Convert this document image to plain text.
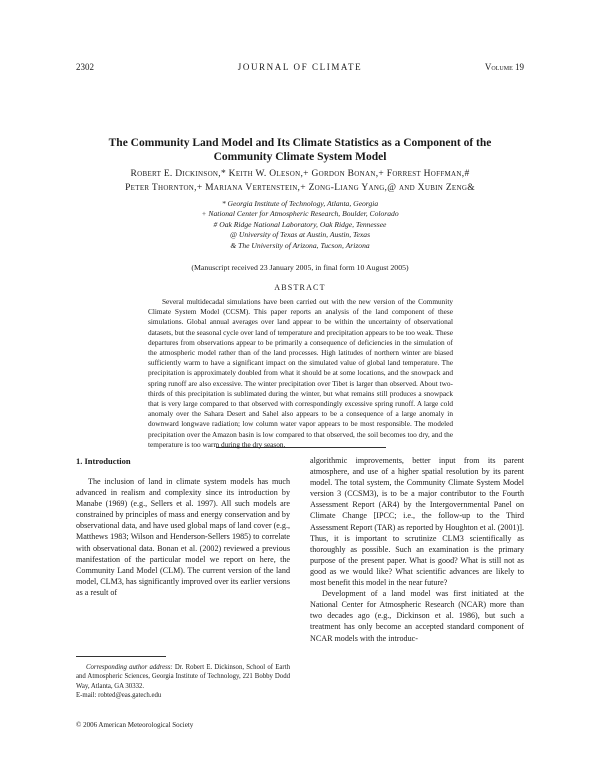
2302	JOURNAL OF CLIMATE	Volume 19
The Community Land Model and Its Climate Statistics as a Component of the Community Climate System Model
Robert E. Dickinson,* Keith W. Oleson,+ Gordon Bonan,+ Forrest Hoffman,#
Peter Thornton,+ Mariana Vertenstein,+ Zong-Liang Yang,@ and Xubin Zeng&
* Georgia Institute of Technology, Atlanta, Georgia
+ National Center for Atmospheric Research, Boulder, Colorado
# Oak Ridge National Laboratory, Oak Ridge, Tennessee
@ University of Texas at Austin, Austin, Texas
& The University of Arizona, Tucson, Arizona
(Manuscript received 23 January 2005, in final form 10 August 2005)
ABSTRACT

Several multidecadal simulations have been carried out with the new version of the Community Climate System Model (CCSM). This paper reports an analysis of the land component of these simulations. Global annual averages over land appear to be within the uncertainty of observational datasets, but the seasonal cycle over land of temperature and precipitation appears to be too weak. These departures from observations appear to be primarily a consequence of deficiencies in the simulation of the atmospheric model rather than of the land processes. High latitudes of northern winter are biased sufficiently warm to have a significant impact on the simulated value of global land temperature. The precipitation is approximately doubled from what it should be at some locations, and the snowpack and spring runoff are also excessive. The winter precipitation over Tibet is larger than observed. About two-thirds of this precipitation is sublimated during the winter, but what remains still produces a snowpack that is very large compared to that observed with correspondingly excessive spring runoff. A large cold anomaly over the Sahara Desert and Sahel also appears to be a consequence of a large anomaly in downward longwave radiation; low column water vapor appears to be most responsible. The modeled precipitation over the Amazon basin is low compared to that observed, the soil becomes too dry, and the temperature is too warm during the dry season.

1. Introduction

The inclusion of land in climate system models has much advanced in realism and complexity since its introduction by Manabe (1969) (e.g., Sellers et al. 1997). All such models are constrained by principles of mass and energy conservation and by observational data, and have used global maps of land cover (e.g., Matthews 1983; Wilson and Henderson-Sellers 1985) to correlate with observational data. Bonan et al. (2002) reviewed a previous manifestation of the particular model we report on here, the Community Land Model (CLM). The current version of the land model, CLM3, has significantly improved over its earlier versions as a result of

algorithmic improvements, better input from its parent atmosphere, and use of a higher spatial resolution by its parent model. The total system, the Community Climate System Model version 3 (CCSM3), is to be a major contributor to the Fourth Assessment Report (AR4) by the Intergovernmental Panel on Climate Change [IPCC; i.e., the follow-up to the Third Assessment Report (TAR) as reported by Houghton et al. (2001)]. Thus, it is important to scrutinize CLM3 scientifically as thoroughly as possible. Such an examination is the primary purpose of the present paper. What is good? What is still not as good as we would like? What scientific advances are likely to most benefit this model in the near future?

Development of a land model was first initiated at the National Center for Atmospheric Research (NCAR) more than two decades ago (e.g., Dickinson et al. 1986), but such a treatment has only become an accepted standard component of NCAR models with the introduc-

Corresponding author address: Dr. Robert E. Dickinson, School of Earth and Atmospheric Sciences, Georgia Institute of Technology, 221 Bobby Dodd Way, Atlanta, GA 30332.
E-mail: robted@eas.gatech.edu

© 2006 American Meteorological Society
